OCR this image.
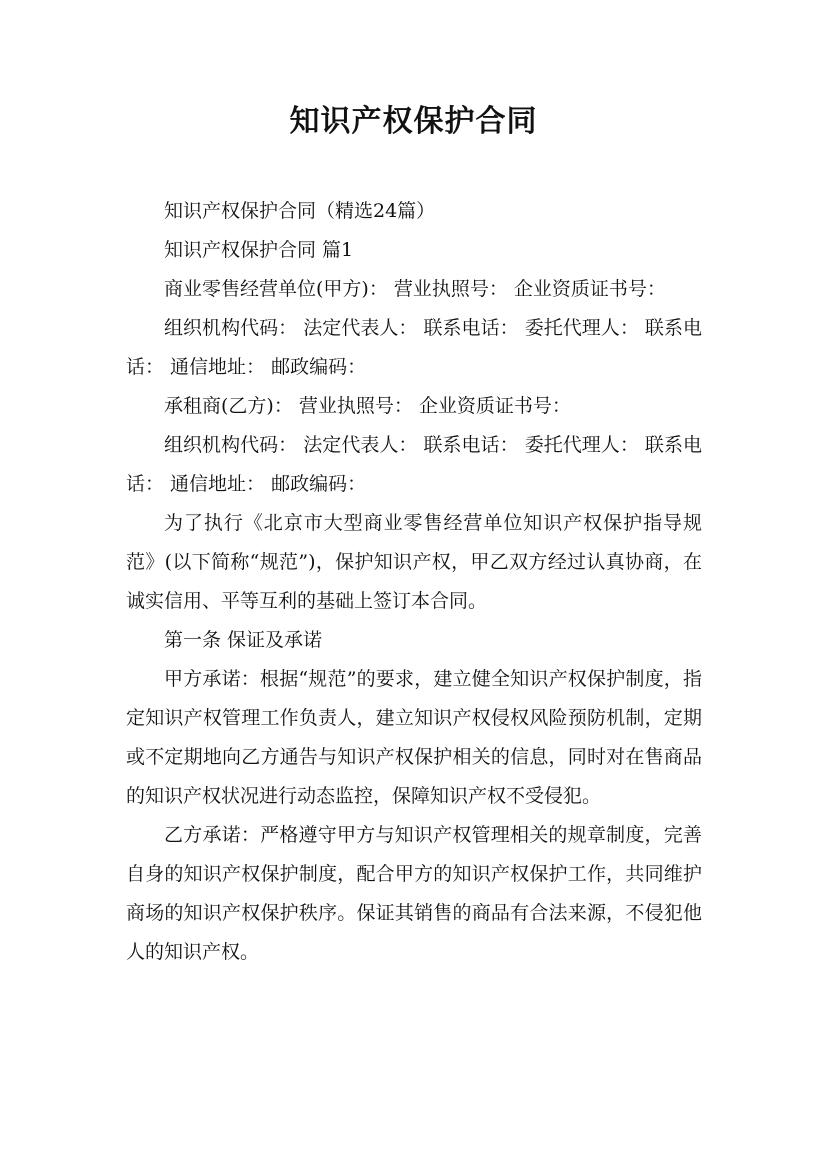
知识产权保护合同

知识产权保护合同（精选24篇）

知识产权保护合同 篇1

商业零售经营单位(甲方)： 营业执照号： 企业资质证书号：

组织机构代码： 法定代表人： 联系电话： 委托代理人： 联系电话： 通信地址： 邮政编码：

承租商(乙方)： 营业执照号： 企业资质证书号：

组织机构代码： 法定代表人： 联系电话： 委托代理人： 联系电话： 通信地址： 邮政编码：

为了执行《北京市大型商业零售经营单位知识产权保护指导规范》(以下简称“规范”)，保护知识产权，甲乙双方经过认真协商，在诚实信用、平等互利的基础上签订本合同。

第一条 保证及承诺

甲方承诺：根据“规范”的要求，建立健全知识产权保护制度，指定知识产权管理工作负责人，建立知识产权侵权风险预防机制，定期或不定期地向乙方通告与知识产权保护相关的信息，同时对在售商品的知识产权状况进行动态监控，保障知识产权不受侵犯。

乙方承诺：严格遵守甲方与知识产权管理相关的规章制度，完善自身的知识产权保护制度，配合甲方的知识产权保护工作，共同维护商场的知识产权保护秩序。保证其销售的商品有合法来源，不侵犯他人的知识产权。
